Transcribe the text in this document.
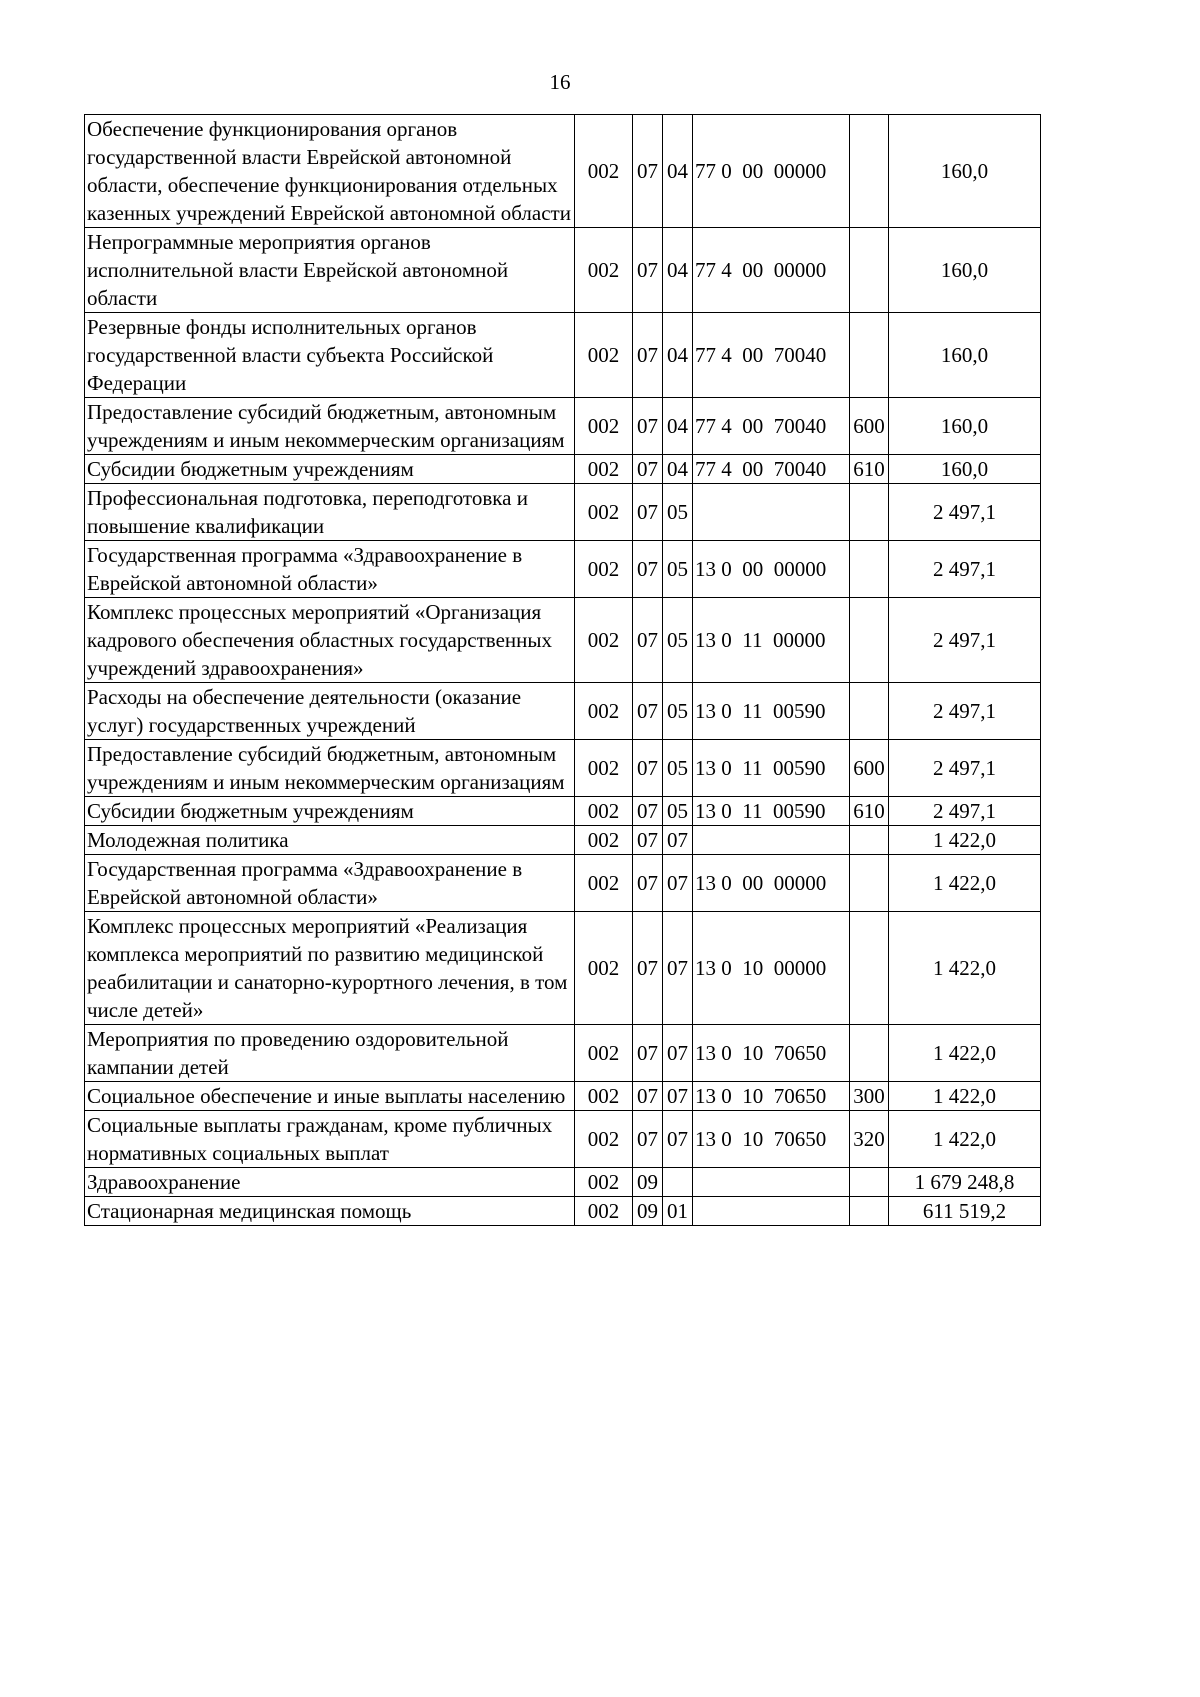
16
Обеспечение функционирования органов государственной власти Еврейской автономной области, обеспечение функционирования отдельных казенных учреждений Еврейской автономной области	002	07	04	77 0  00  00000		160,0
Непрограммные мероприятия органов исполнительной власти Еврейской автономной области	002	07	04	77 4  00  00000		160,0
Резервные фонды исполнительных органов государственной власти субъекта Российской Федерации	002	07	04	77 4  00  70040		160,0
Предоставление субсидий бюджетным, автономным учреждениям и иным некоммерческим организациям	002	07	04	77 4  00  70040	600	160,0
Субсидии бюджетным учреждениям	002	07	04	77 4  00  70040	610	160,0
Профессиональная подготовка, переподготовка и повышение квалификации	002	07	05			2 497,1
Государственная программа «Здравоохранение в Еврейской автономной области»	002	07	05	13 0  00  00000		2 497,1
Комплекс процессных мероприятий «Организация кадрового обеспечения областных государственных учреждений здравоохранения»	002	07	05	13 0  11  00000		2 497,1
Расходы на обеспечение деятельности (оказание услуг) государственных учреждений	002	07	05	13 0  11  00590		2 497,1
Предоставление субсидий бюджетным, автономным учреждениям и иным некоммерческим организациям	002	07	05	13 0  11  00590	600	2 497,1
Субсидии бюджетным учреждениям	002	07	05	13 0  11  00590	610	2 497,1
Молодежная политика	002	07	07			1 422,0
Государственная программа «Здравоохранение в Еврейской автономной области»	002	07	07	13 0  00  00000		1 422,0
Комплекс процессных мероприятий «Реализация комплекса мероприятий по развитию медицинской реабилитации и санаторно-курортного лечения, в том числе детей»	002	07	07	13 0  10  00000		1 422,0
Мероприятия по проведению оздоровительной кампании детей	002	07	07	13 0  10  70650		1 422,0
Социальное обеспечение и иные выплаты населению	002	07	07	13 0  10  70650	300	1 422,0
Социальные выплаты гражданам, кроме публичных нормативных социальных выплат	002	07	07	13 0  10  70650	320	1 422,0
Здравоохранение	002	09				1 679 248,8
Стационарная медицинская помощь	002	09	01			611 519,2
